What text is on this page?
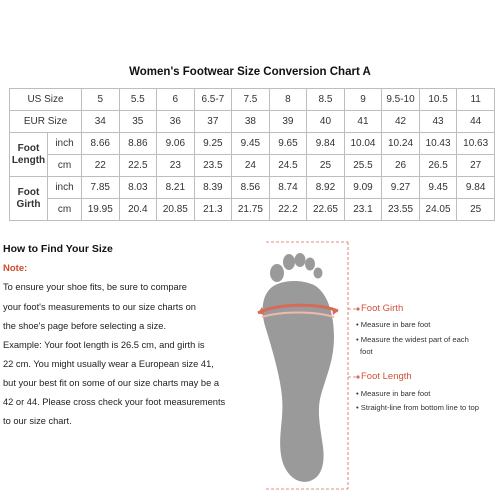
Women's Footwear Size Conversion Chart A
US Size		5	5.5	6	6.5-7	7.5	8	8.5	9	9.5-10	10.5	11
EUR Size		34	35	36	37	38	39	40	41	42	43	44
Foot Length	inch	8.66	8.86	9.06	9.25	9.45	9.65	9.84	10.04	10.24	10.43	10.63
	cm	22	22.5	23	23.5	24	24.5	25	25.5	26	26.5	27
Foot Girth	inch	7.85	8.03	8.21	8.39	8.56	8.74	8.92	9.09	9.27	9.45	9.84
	cm	19.95	20.4	20.85	21.3	21.75	22.2	22.65	23.1	23.55	24.05	25
How to Find Your Size
Note:
To ensure your shoe fits, be sure to compare
your foot's measurements to our size charts on
the shoe's page before selecting a size.
Example: Your foot length is 26.5 cm, and girth is
22 cm. You might usually wear a European size 41,
but your best fit on some of our size charts may be a
42 or 44. Please cross check your foot measurements
to our size chart.
Foot Girth
• Measure in bare foot
• Measure the widest part of each
foot
Foot Length
• Measure in bare foot
• Straight-line from bottom line to top
